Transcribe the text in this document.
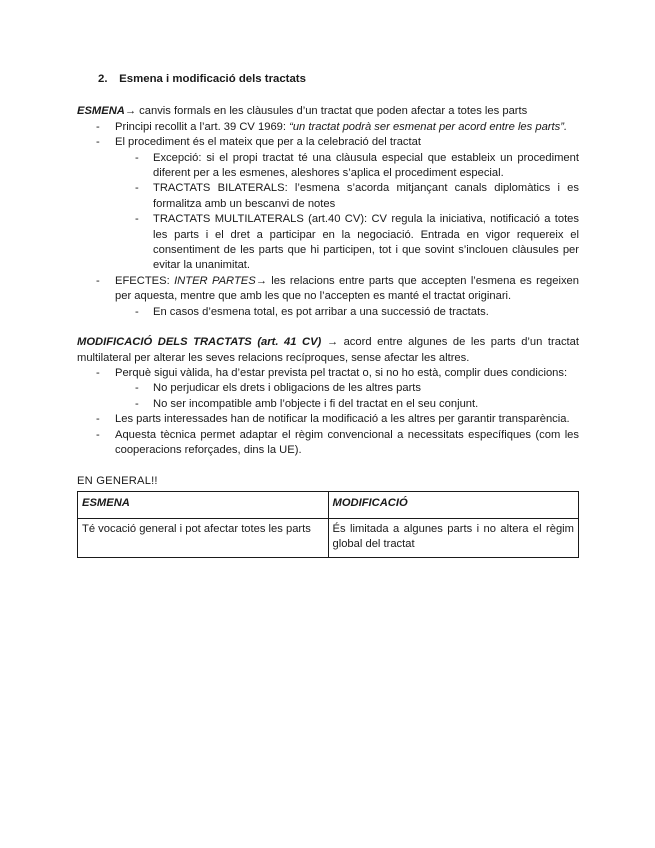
2. Esmena i modificació dels tractats

ESMENA→ canvis formals en les clàusules d’un tractat que poden afectar a totes les parts

- Principi recollit a l’art. 39 CV 1969: “un tractat podrà ser esmenat per acord entre les parts”.
- El procediment és el mateix que per a la celebració del tractat
- Excepció: si el propi tractat té una clàusula especial que estableix un procediment diferent per a les esmenes, aleshores s’aplica el procediment especial.
- TRACTATS BILATERALS: l’esmena s’acorda mitjançant canals diplomàtics i es formalitza amb un bescanvi de notes
- TRACTATS MULTILATERALS (art.40 CV): CV regula la iniciativa, notificació a totes les parts i el dret a participar en la negociació. Entrada en vigor requereix el consentiment de les parts que hi participen, tot i que sovint s’inclouen clàusules per evitar la unanimitat.
- EFECTES: INTER PARTES→ les relacions entre parts que accepten l’esmena es regeixen per aquesta, mentre que amb les que no l’accepten es manté el tractat originari.
- En casos d’esmena total, es pot arribar a una successió de tractats.

MODIFICACIÓ DELS TRACTATS (art. 41 CV) → acord entre algunes de les parts d’un tractat multilateral per alterar les seves relacions recíproques, sense afectar les altres.

- Perquè sigui vàlida, ha d’estar prevista pel tractat o, si no ho està, complir dues condicions:
- No perjudicar els drets i obligacions de les altres parts
- No ser incompatible amb l’objecte i fi del tractat en el seu conjunt.
- Les parts interessades han de notificar la modificació a les altres per garantir transparència.
- Aquesta tècnica permet adaptar el règim convencional a necessitats específiques (com les cooperacions reforçades, dins la UE).

EN GENERAL!!

ESMENA	MODIFICACIÓ
Té vocació general i pot afectar totes les parts	És limitada a algunes parts i no altera el règim global del tractat
